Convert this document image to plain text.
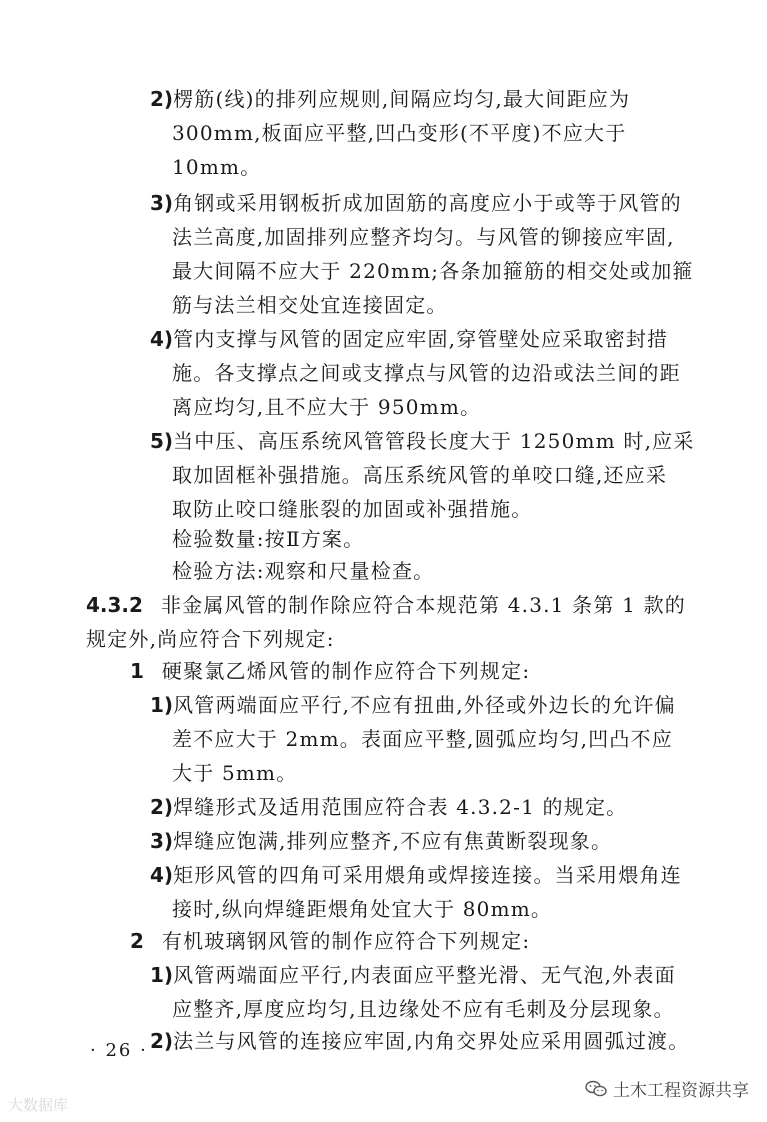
2)楞筋(线)的排列应规则,间隔应均匀,最大间距应为
300mm,板面应平整,凹凸变形(不平度)不应大于
10mm。
3)角钢或采用钢板折成加固筋的高度应小于或等于风管的
法兰高度,加固排列应整齐均匀。与风管的铆接应牢固,
最大间隔不应大于 220mm;各条加箍筋的相交处或加箍
筋与法兰相交处宜连接固定。
4)管内支撑与风管的固定应牢固,穿管壁处应采取密封措
施。各支撑点之间或支撑点与风管的边沿或法兰间的距
离应均匀,且不应大于 950mm。
5)当中压、高压系统风管管段长度大于 1250mm 时,应采
取加固框补强措施。高压系统风管的单咬口缝,还应采
取防止咬口缝胀裂的加固或补强措施。
检验数量:按Ⅱ方案。
检验方法:观察和尺量检查。
4.3.2 非金属风管的制作除应符合本规范第 4.3.1 条第 1 款的
规定外,尚应符合下列规定:
1 硬聚氯乙烯风管的制作应符合下列规定:
1)风管两端面应平行,不应有扭曲,外径或外边长的允许偏
差不应大于 2mm。表面应平整,圆弧应均匀,凹凸不应
大于 5mm。
2)焊缝形式及适用范围应符合表 4.3.2-1 的规定。
3)焊缝应饱满,排列应整齐,不应有焦黄断裂现象。
4)矩形风管的四角可采用煨角或焊接连接。当采用煨角连
接时,纵向焊缝距煨角处宜大于 80mm。
2 有机玻璃钢风管的制作应符合下列规定:
1)风管两端面应平行,内表面应平整光滑、无气泡,外表面
应整齐,厚度应均匀,且边缘处不应有毛刺及分层现象。
2)法兰与风管的连接应牢固,内角交界处应采用圆弧过渡。
· 26 ·
大数据库
土木工程资源共享
